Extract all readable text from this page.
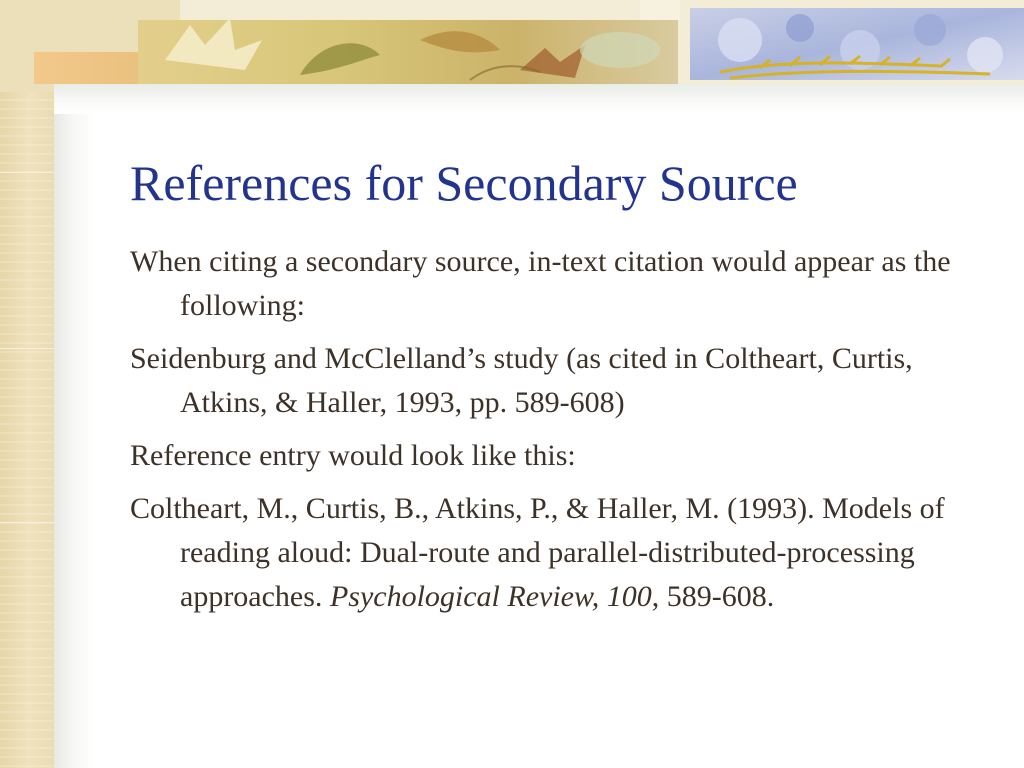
References for Secondary Source

When citing a secondary source, in-text citation would appear as the following:

Seidenburg and McClelland’s study (as cited in Coltheart, Curtis, Atkins, & Haller, 1993, pp. 589-608)

Reference entry would look like this:

Coltheart, M., Curtis, B., Atkins, P., & Haller, M. (1993). Models of reading aloud: Dual-route and parallel-distributed-processing approaches. Psychological Review, 100, 589-608.
